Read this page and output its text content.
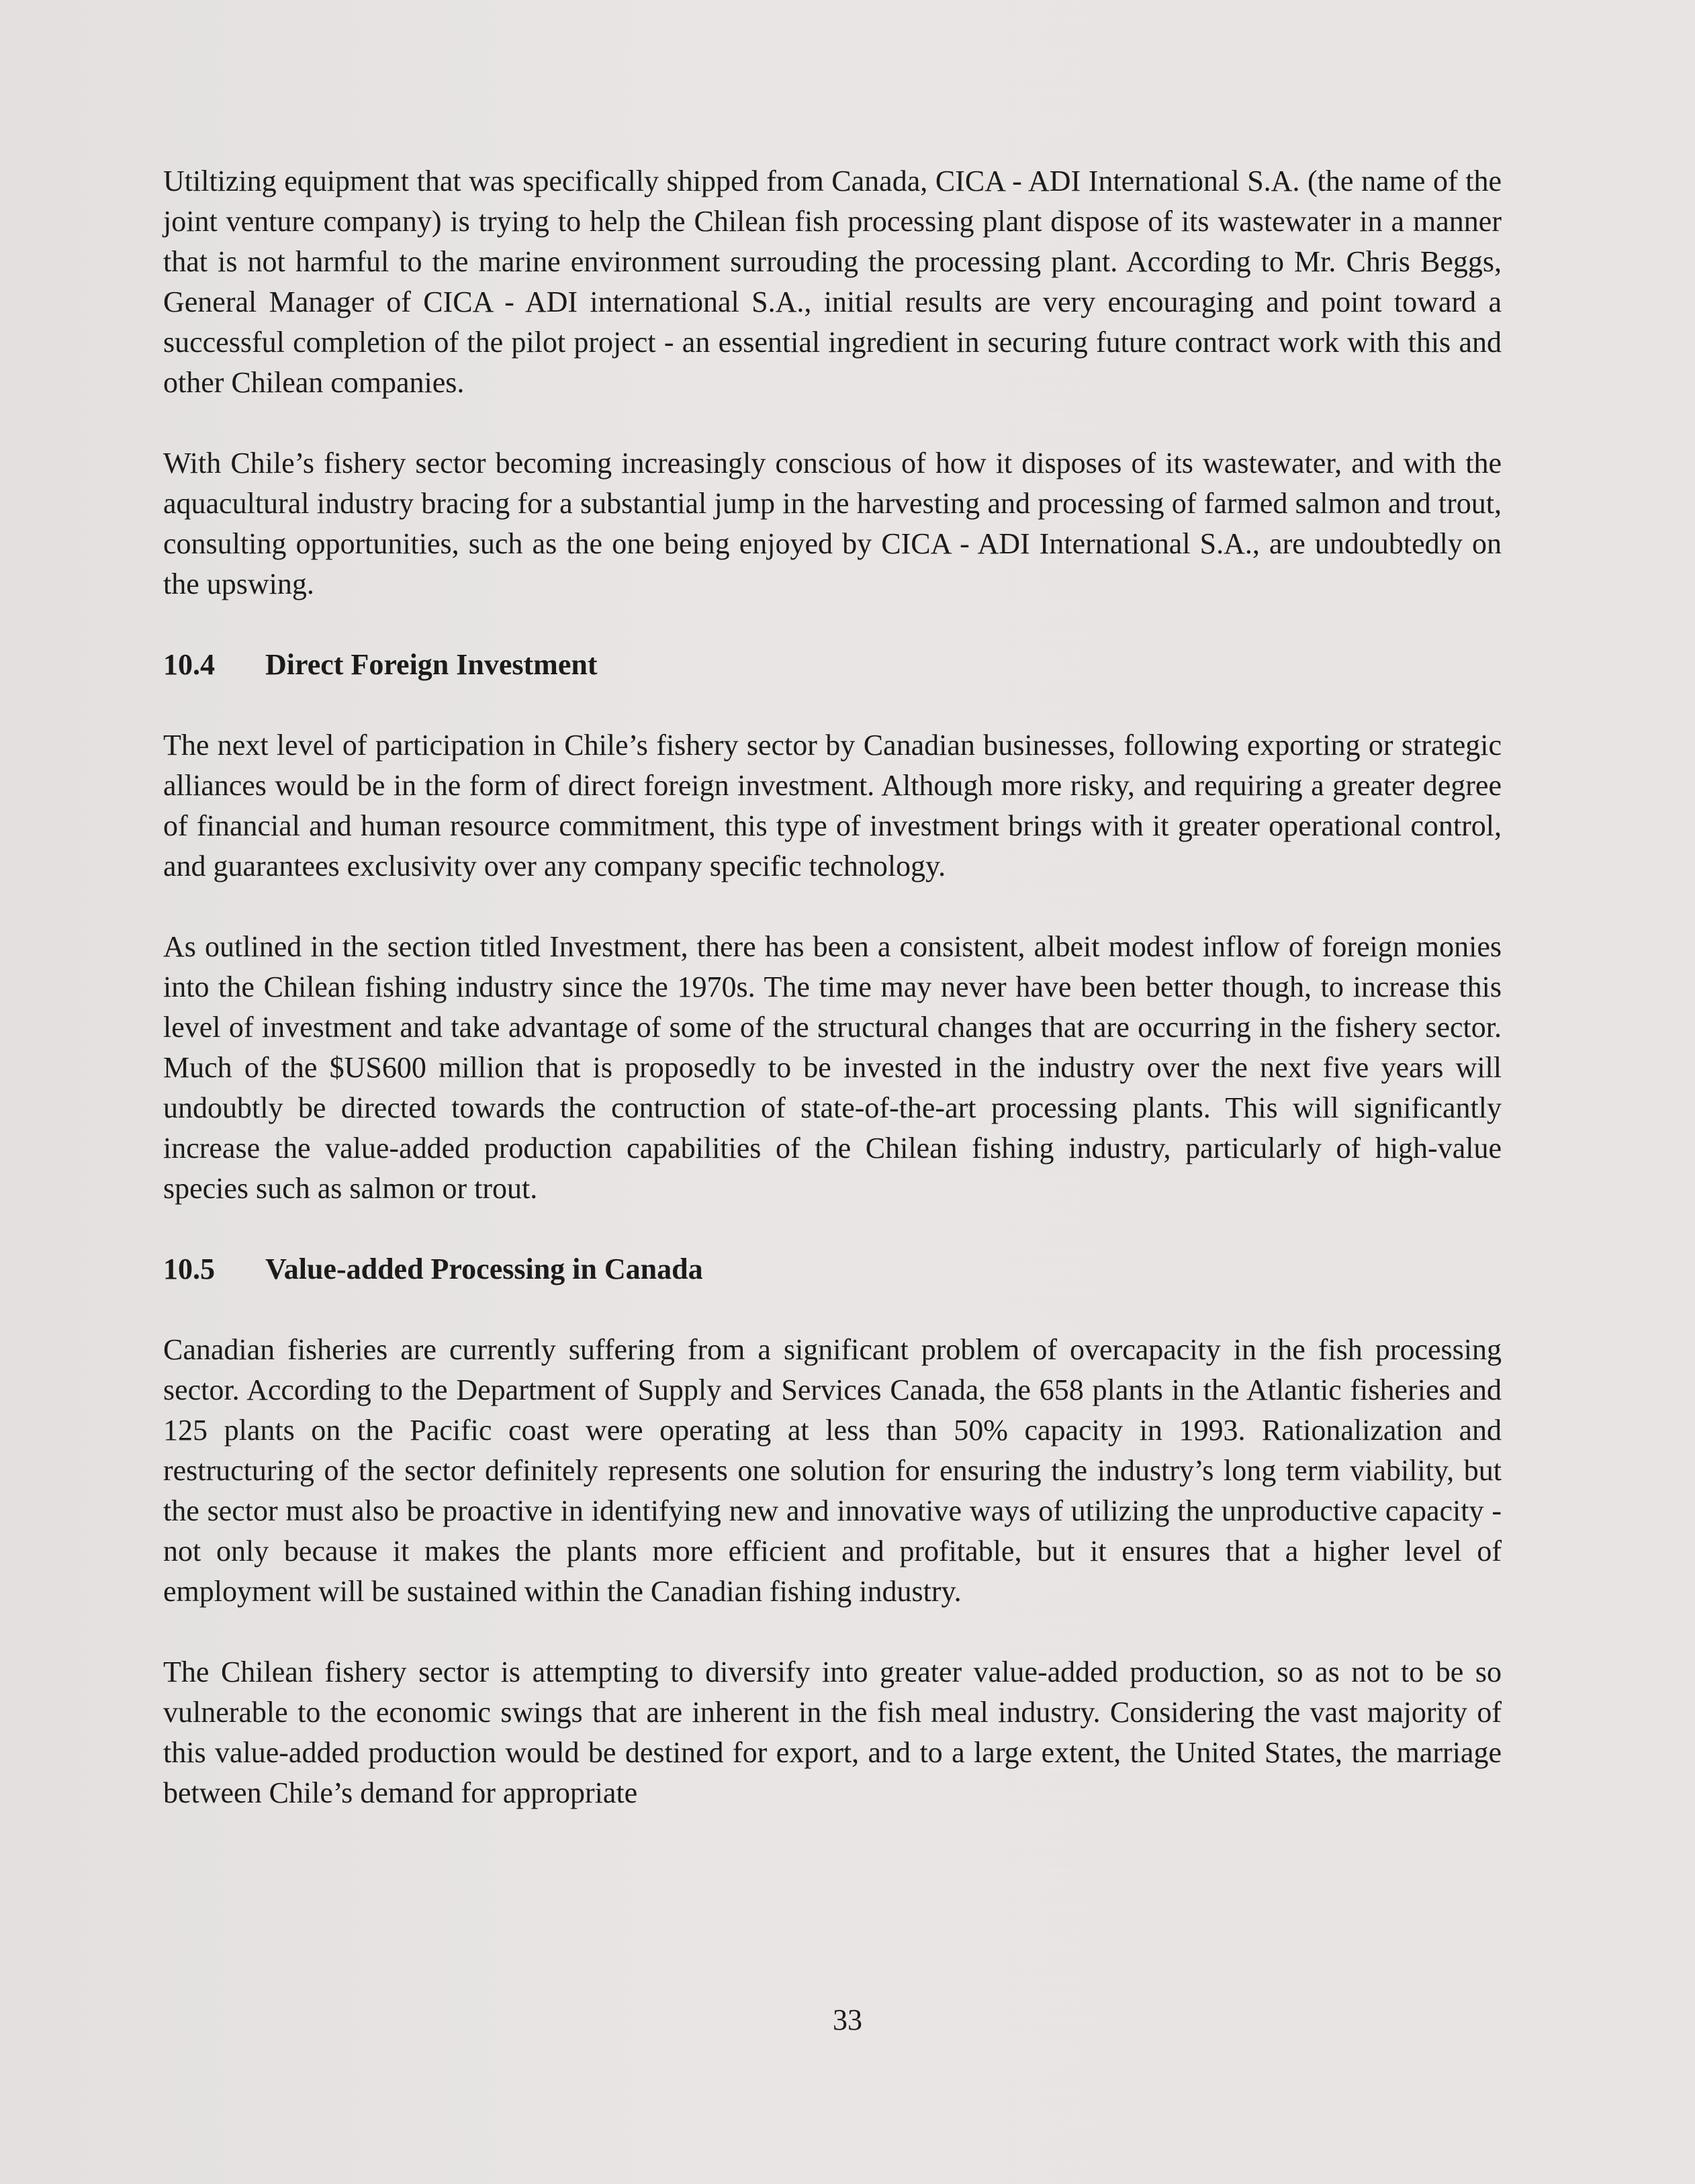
Utiltizing equipment that was specifically shipped from Canada, CICA - ADI International S.A. (the name of the joint venture company) is trying to help the Chilean fish processing plant dispose of its wastewater in a manner that is not harmful to the marine environment surrouding the processing plant. According to Mr. Chris Beggs, General Manager of CICA - ADI international S.A., initial results are very encouraging and point toward a successful completion of the pilot project - an essential ingredient in securing future contract work with this and other Chilean companies.

With Chile’s fishery sector becoming increasingly conscious of how it disposes of its wastewater, and with the aquacultural industry bracing for a substantial jump in the harvesting and processing of farmed salmon and trout, consulting opportunities, such as the one being enjoyed by CICA - ADI International S.A., are undoubtedly on the upswing.

10.4 Direct Foreign Investment

The next level of participation in Chile’s fishery sector by Canadian businesses, following exporting or strategic alliances would be in the form of direct foreign investment. Although more risky, and requiring a greater degree of financial and human resource commitment, this type of investment brings with it greater operational control, and guarantees exclusivity over any company specific technology.

As outlined in the section titled Investment, there has been a consistent, albeit modest inflow of foreign monies into the Chilean fishing industry since the 1970s. The time may never have been better though, to increase this level of investment and take advantage of some of the structural changes that are occurring in the fishery sector. Much of the $US600 million that is proposedly to be invested in the industry over the next five years will undoubtly be directed towards the contruction of state-of-the-art processing plants. This will significantly increase the value-added production capabilities of the Chilean fishing industry, particularly of high-value species such as salmon or trout.

10.5 Value-added Processing in Canada

Canadian fisheries are currently suffering from a significant problem of overcapacity in the fish processing sector. According to the Department of Supply and Services Canada, the 658 plants in the Atlantic fisheries and 125 plants on the Pacific coast were operating at less than 50% capacity in 1993. Rationalization and restructuring of the sector definitely represents one solution for ensuring the industry’s long term viability, but the sector must also be proactive in identifying new and innovative ways of utilizing the unproductive capacity - not only because it makes the plants more efficient and profitable, but it ensures that a higher level of employment will be sustained within the Canadian fishing industry.

The Chilean fishery sector is attempting to diversify into greater value-added production, so as not to be so vulnerable to the economic swings that are inherent in the fish meal industry. Considering the vast majority of this value-added production would be destined for export, and to a large extent, the United States, the marriage between Chile’s demand for appropriate

33
